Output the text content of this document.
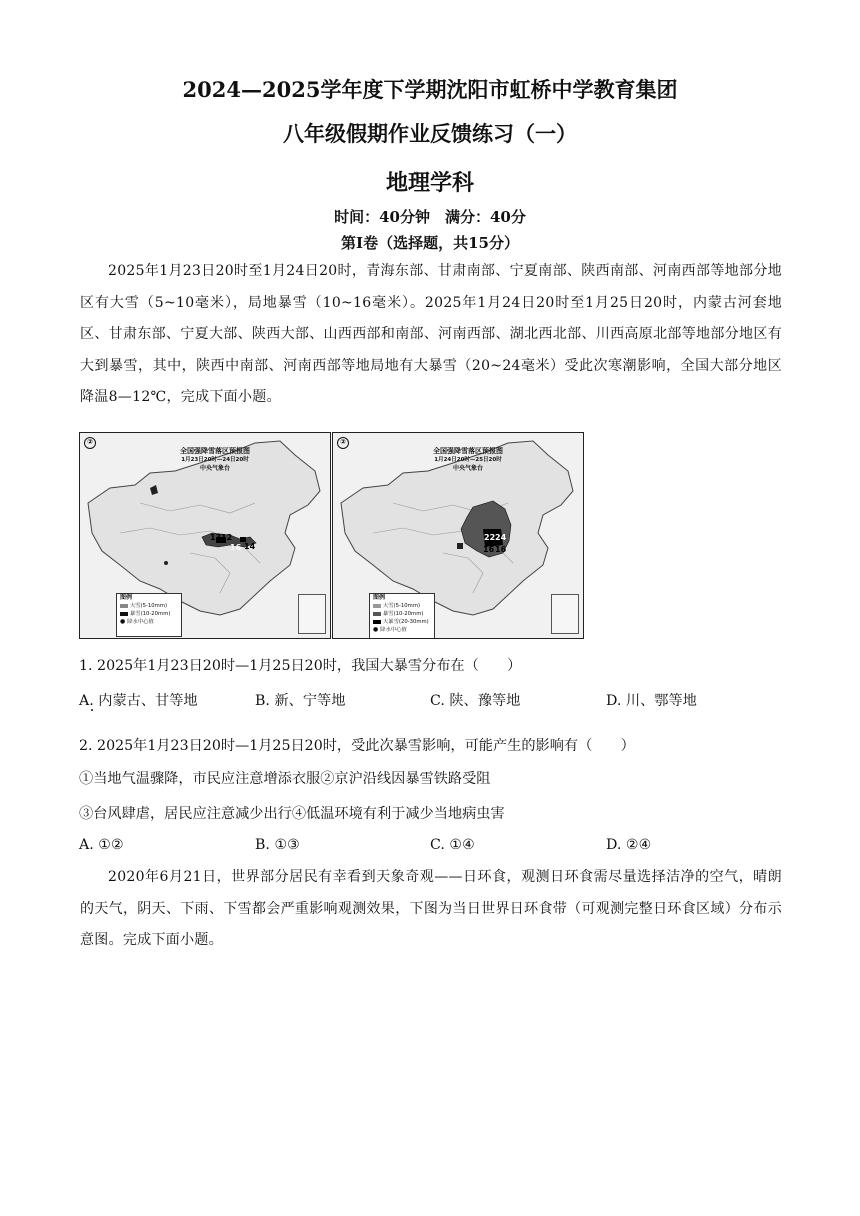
2024—2025学年度下学期沈阳市虹桥中学教育集团
八年级假期作业反馈练习（一）
地理学科
时间：40分钟　满分：40分
第I卷（选择题，共15分）
2025年1月23日20时至1月24日20时，青海东部、甘肃南部、宁夏南部、陕西南部、河南西部等地部分地区有大雪（5~10毫米），局地暴雪（10~16毫米）。2025年1月24日20时至1月25日20时，内蒙古河套地区、甘肃东部、宁夏大部、陕西大部、山西西部和南部、河南西部、湖北西北部、川西高原北部等地部分地区有大到暴雪，其中，陕西中南部、河南西部等地局地有大暴雪（20~24毫米）受此次寒潮影响，全国大部分地区降温8—12℃，完成下面小题。
②
全国强降雪落区预报图
1月23日20时—24日20时
中央气象台
13 12
16 14
图例
大雪(5-10mm)
暴雪(10-20mm)
● 降水中心值
②
全国强降雪落区预报图
1月24日20时—25日20时
中央气象台
22 24
16 16
图例
大雪(5-10mm)
暴雪(10-20mm)
大暴雪(20-30mm)
● 降水中心值
1. 2025年1月23日20时—1月25日20时，我国大暴雪分布在（　　）
A. 内蒙古、甘等地	B. 新、宁等地	C. 陕、豫等地	D. 川、鄂等地
2. 2025年1月23日20时—1月25日20时，受此次暴雪影响，可能产生的影响有（　　）
①当地气温骤降，市民应注意增添衣服②京沪沿线因暴雪铁路受阻
③台风肆虐，居民应注意减少出行④低温环境有利于减少当地病虫害
A. ①②	B. ①③	C. ①④	D. ②④
2020年6月21日，世界部分居民有幸看到天象奇观——日环食，观测日环食需尽量选择洁净的空气，晴朗的天气，阴天、下雨、下雪都会严重影响观测效果，下图为当日世界日环食带（可观测完整日环食区域）分布示意图。完成下面小题。
